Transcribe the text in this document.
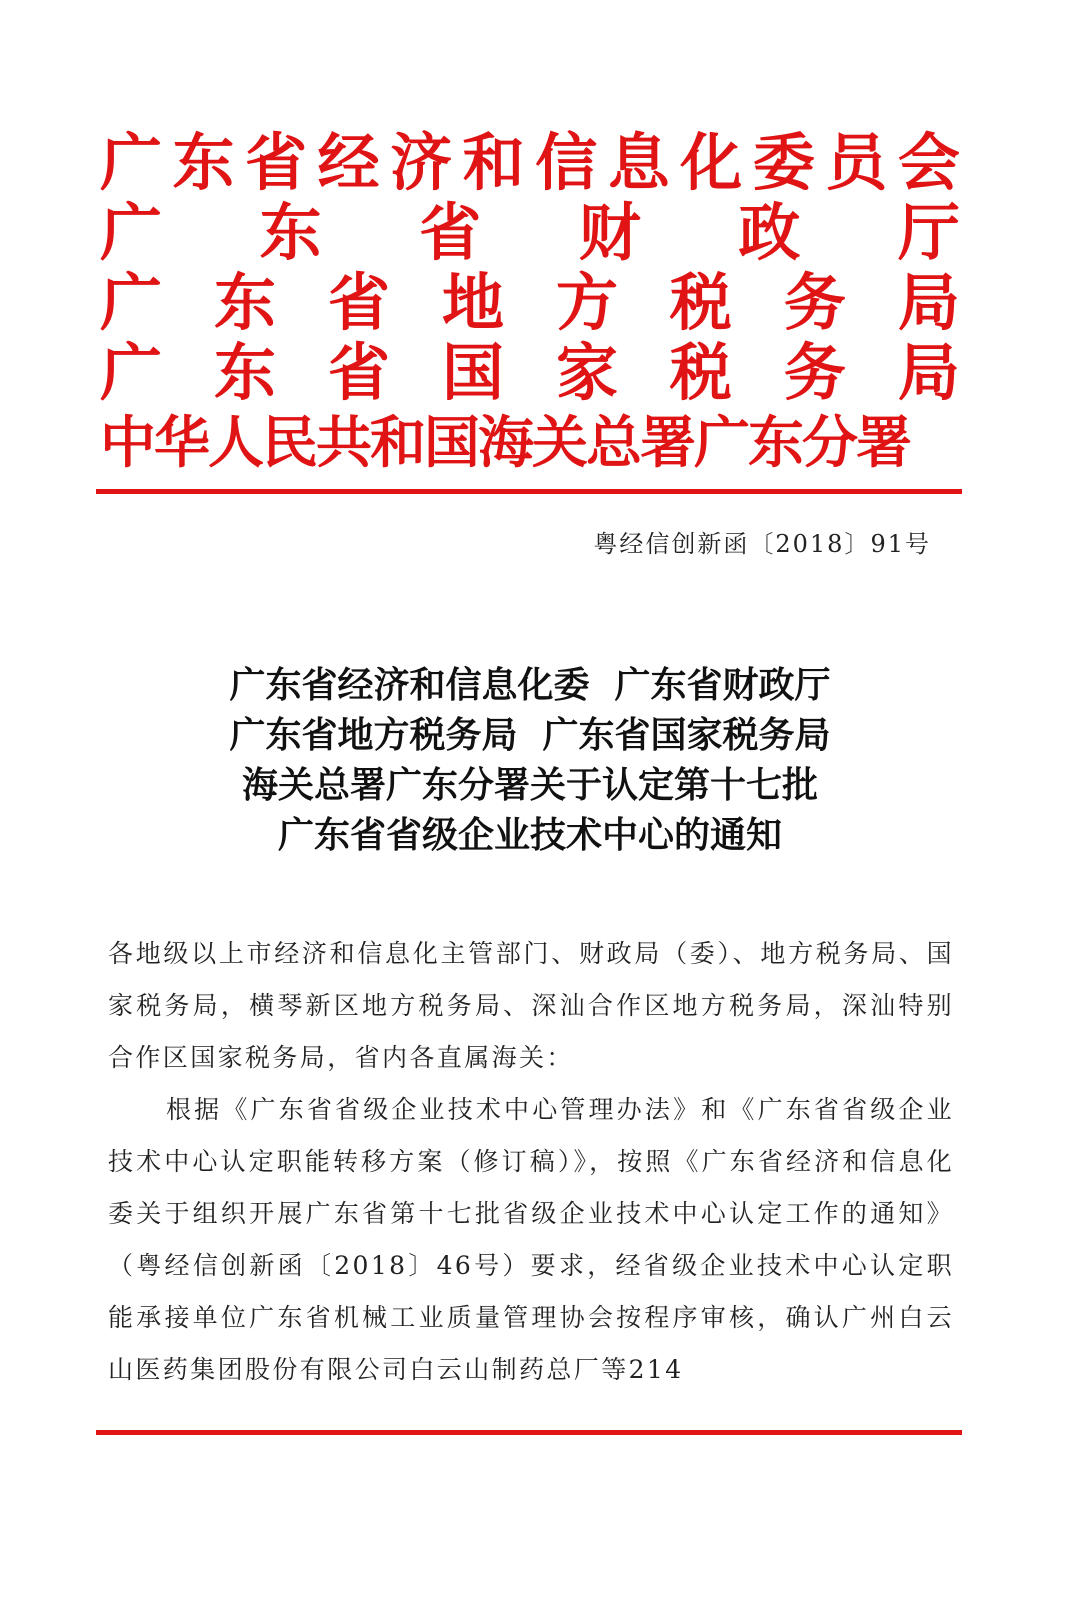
广 东 省 经 济 和 信 息 化 委 员 会
广 东 省 财 政 厅
广 东 省 地 方 税 务 局
广 东 省 国 家 税 务 局
中华人民共和国海关总署广东分署
粤经信创新函〔2018〕91号
广东省经济和信息化委  广东省财政厅
广东省地方税务局  广东省国家税务局
海关总署广东分署关于认定第十七批
广东省省级企业技术中心的通知

各地级以上市经济和信息化主管部门、财政局（委）、地方税务局、国家税务局，横琴新区地方税务局、深汕合作区地方税务局，深汕特别合作区国家税务局，省内各直属海关：

根据《广东省省级企业技术中心管理办法》和《广东省省级企业技术中心认定职能转移方案（修订稿）》，按照《广东省经济和信息化委关于组织开展广东省第十七批省级企业技术中心认定工作的通知》（粤经信创新函〔2018〕46号）要求，经省级企业技术中心认定职能承接单位广东省机械工业质量管理协会按程序审核，确认广州白云山医药集团股份有限公司白云山制药总厂等214
